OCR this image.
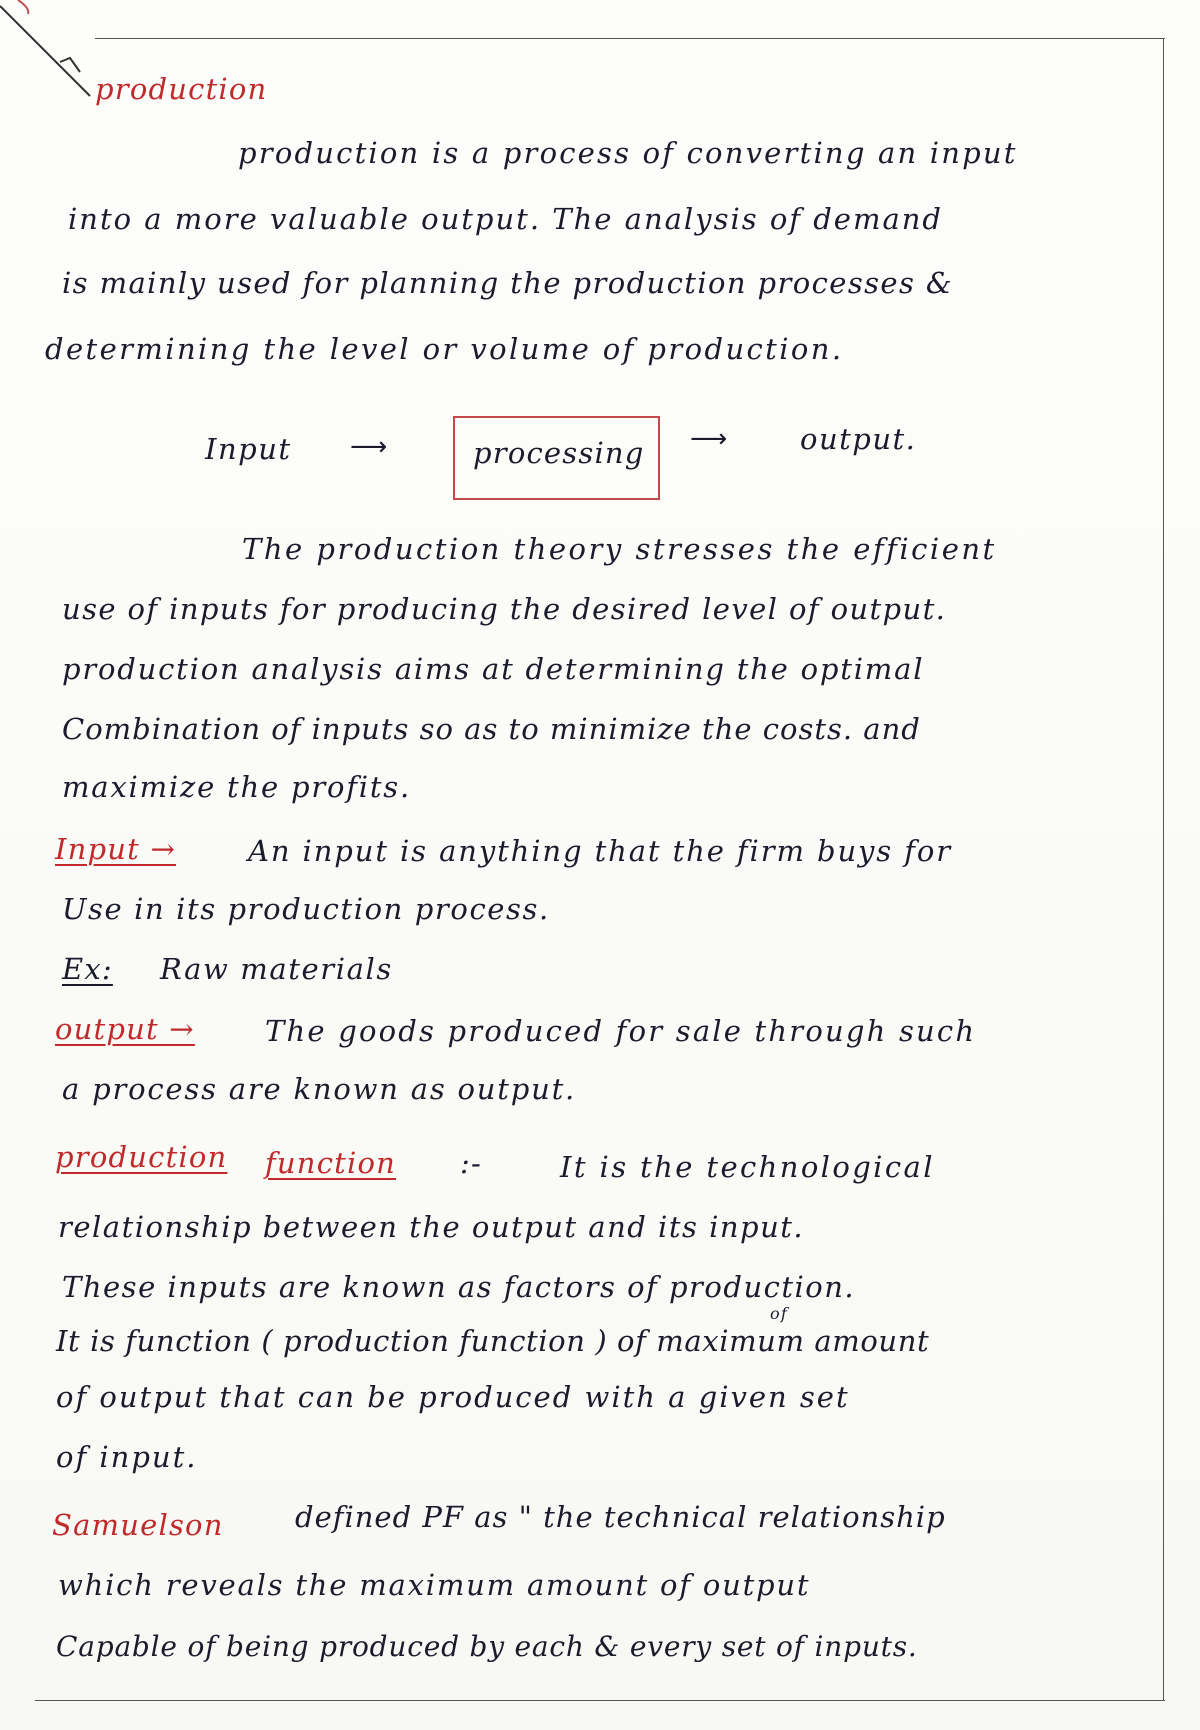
production
production is a process of converting an input
into a more valuable output. The analysis of demand
is mainly used for planning the production processes &
determining the level or volume of production.
Input ⟶	processing ⟶	output.
The production theory stresses the efficient
use of inputs for producing the desired level of output.
production analysis aims at determining the optimal
Combination of inputs so as to minimize the costs. and
maximize the profits.
Input → An input is anything that the firm buys for
Use in its production process.
Ex: Raw materials
output → The goods produced for sale through such
a process are known as output.
production function :-	It is the technological
relationship between the output and its input.
These inputs are known as factors of production.
It is function ( production function ) of maximum amount
of
of output that can be produced with a given set
of input.
Samuelson defined PF as " the technical relationship
which reveals the maximum amount of output
Capable of being produced by each & every set of inputs.
